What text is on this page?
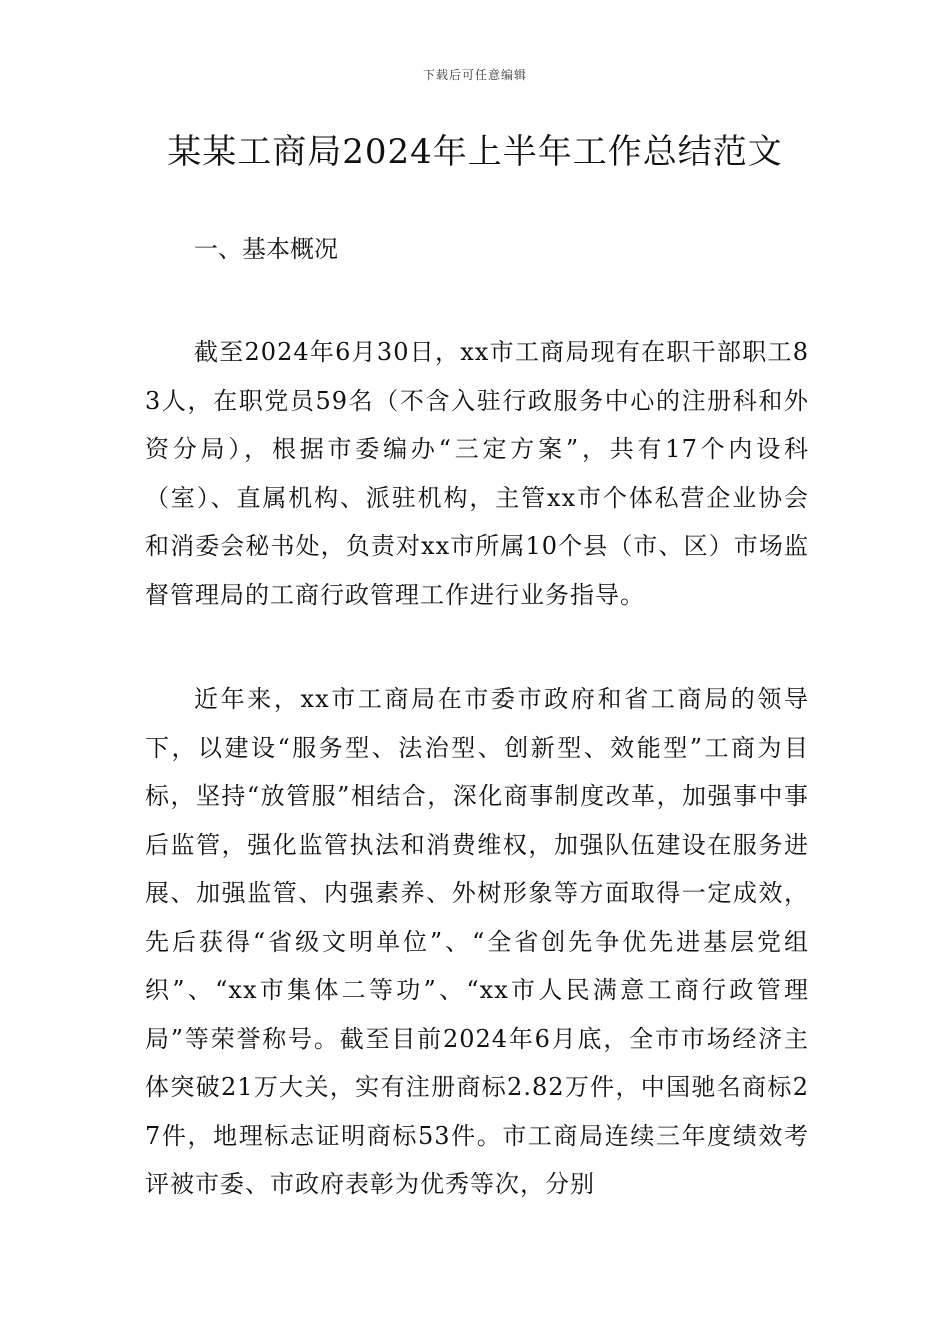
下载后可任意编辑
某某工商局2024年上半年工作总结范文
一、基本概况

截至2024年6月30日，xx市工商局现有在职干部职工83人，在职党员59名（不含入驻行政服务中心的注册科和外资分局），根据市委编办“三定方案”，共有17个内设科（室）、直属机构、派驻机构，主管xx市个体私营企业协会和消委会秘书处，负责对xx市所属10个县（市、区）市场监督管理局的工商行政管理工作进行业务指导。

近年来，xx市工商局在市委市政府和省工商局的领导下，以建设“服务型、法治型、创新型、效能型”工商为目标，坚持“放管服”相结合，深化商事制度改革，加强事中事后监管，强化监管执法和消费维权，加强队伍建设在服务进展、加强监管、内强素养、外树形象等方面取得一定成效，先后获得“省级文明单位”、“全省创先争优先进基层党组织”、“xx市集体二等功”、“xx市人民满意工商行政管理局”等荣誉称号。截至目前2024年6月底，全市市场经济主体突破21万大关，实有注册商标2.82万件，中国驰名商标27件，地理标志证明商标53件。市工商局连续三年度绩效考评被市委、市政府表彰为优秀等次，分别
